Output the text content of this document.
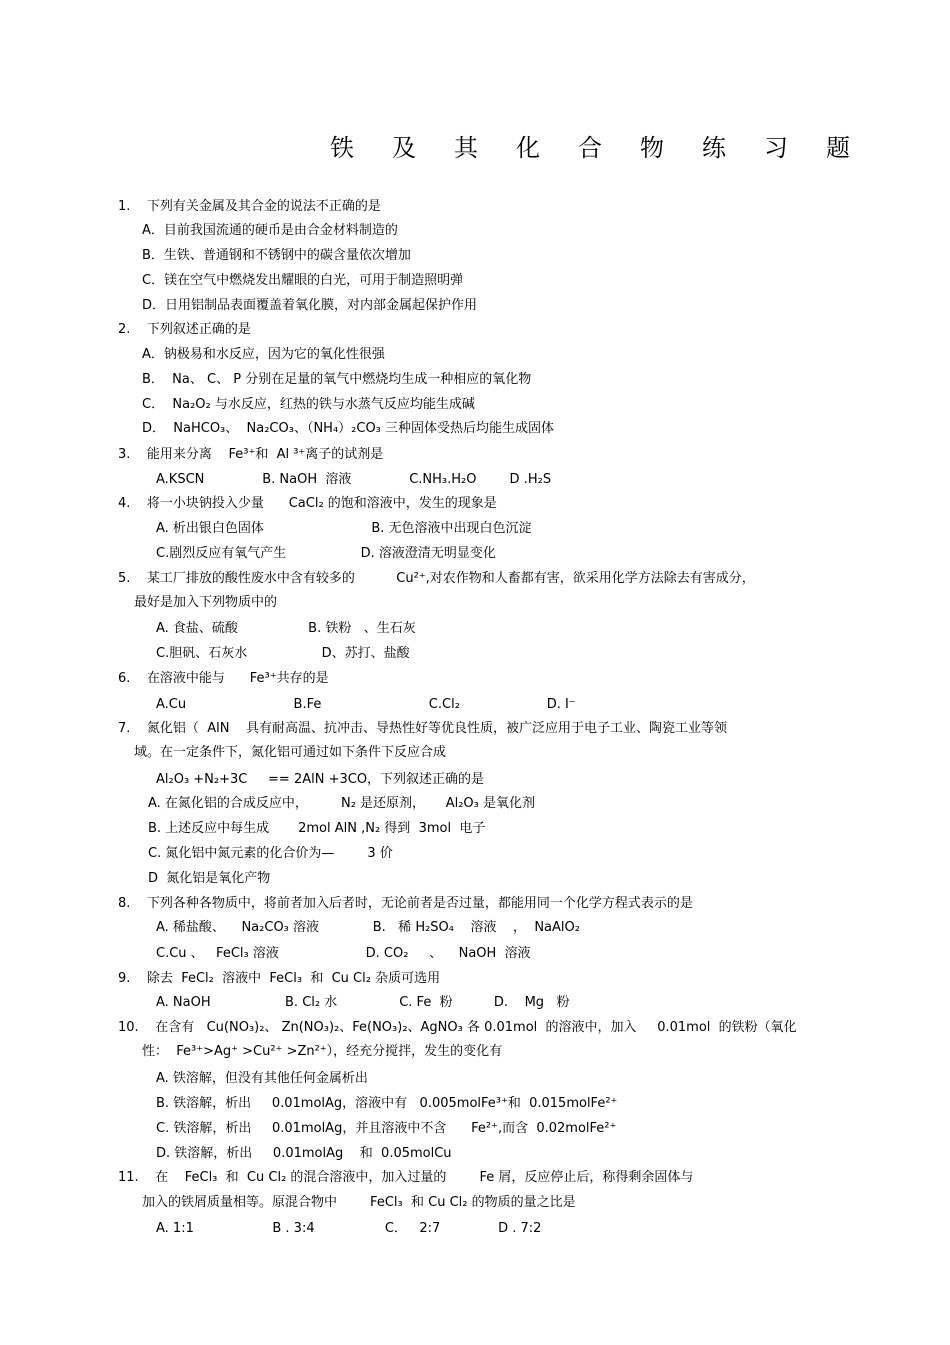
铁 及 其 化 合 物 练 习 题
1.    下列有关金属及其合金的说法不正确的是
A．目前我国流通的硬币是由合金材料制造的
B．生铁、普通钢和不锈钢中的碳含量依次增加
C．镁在空气中燃烧发出耀眼的白光，可用于制造照明弹
D．日用铝制品表面覆盖着氧化膜，对内部金属起保护作用
2.    下列叙述正确的是
A．钠极易和水反应，因为它的氧化性很强
B．  Na、 C、 P 分别在足量的氧气中燃烧均生成一种相应的氧化物
C．  Na₂O₂ 与水反应，红热的铁与水蒸气反应均能生成碱
D．  NaHCO₃、  Na₂CO₃、（NH₄）₂CO₃ 三种固体受热后均能生成固体
3.    能用来分离    Fe³⁺和  Al ³⁺离子的试剂是
A.KSCN              B. NaOH  溶液              C.NH₃.H₂O        D .H₂S
4.    将一小块钠投入少量      CaCl₂ 的饱和溶液中，发生的现象是
A. 析出银白色固体                          B. 无色溶液中出现白色沉淀
C.剧烈反应有氧气产生                  D. 溶液澄清无明显变化
5.    某工厂排放的酸性废水中含有较多的          Cu²⁺,对农作物和人畜都有害，欲采用化学方法除去有害成分，
最好是加入下列物质中的
A. 食盐、硫酸                 B. 铁粉   、生石灰
C.胆矾、石灰水                  D、苏打、盐酸
6.    在溶液中能与      Fe³⁺共存的是
A.Cu                          B.Fe                          C.Cl₂                     D. I⁻
7.    氮化铝（  AlN    具有耐高温、抗冲击、导热性好等优良性质，被广泛应用于电子工业、陶瓷工业等领
域。在一定条件下，氮化铝可通过如下条件下反应合成
Al₂O₃ +N₂+3C     == 2AlN +3CO，下列叙述正确的是
A. 在氮化铝的合成反应中，        N₂ 是还原剂，     Al₂O₃ 是氧化剂
B. 上述反应中每生成       2mol AlN ,N₂ 得到  3mol  电子
C. 氮化铝中氮元素的化合价为—        3 价
D  氮化铝是氧化产物
8.    下列各种各物质中，将前者加入后者时，无论前者是否过量，都能用同一个化学方程式表示的是
A. 稀盐酸、    Na₂CO₃ 溶液             B.   稀 H₂SO₄    溶液    ，  NaAlO₂
C.Cu 、   FeCl₃ 溶液                     D. CO₂     、    NaOH  溶液
9.    除去  FeCl₂  溶液中  FeCl₃  和  Cu Cl₂ 杂质可选用
A. NaOH                  B. Cl₂ 水               C. Fe  粉          D.    Mg   粉
10.    在含有   Cu(NO₃)₂、 Zn(NO₃)₂、Fe(NO₃)₂、AgNO₃ 各 0.01mol  的溶液中，加入     0.01mol  的铁粉（氧化
性：  Fe³⁺>Ag⁺ >Cu²⁺ >Zn²⁺），经充分搅拌，发生的变化有
A. 铁溶解，但没有其他任何金属析出
B. 铁溶解，析出     0.01molAg，溶液中有   0.005molFe³⁺和  0.015molFe²⁺
C. 铁溶解，析出     0.01molAg，并且溶液中不含      Fe²⁺,而含  0.02molFe²⁺
D. 铁溶解，析出     0.01molAg    和  0.05molCu
11.    在    FeCl₃  和  Cu Cl₂ 的混合溶液中，加入过量的        Fe 屑，反应停止后，称得剩余固体与
加入的铁屑质量相等。原混合物中        FeCl₃  和 Cu Cl₂ 的物质的量之比是
A. 1:1                   B . 3:4                 C．   2:7              D . 7:2
